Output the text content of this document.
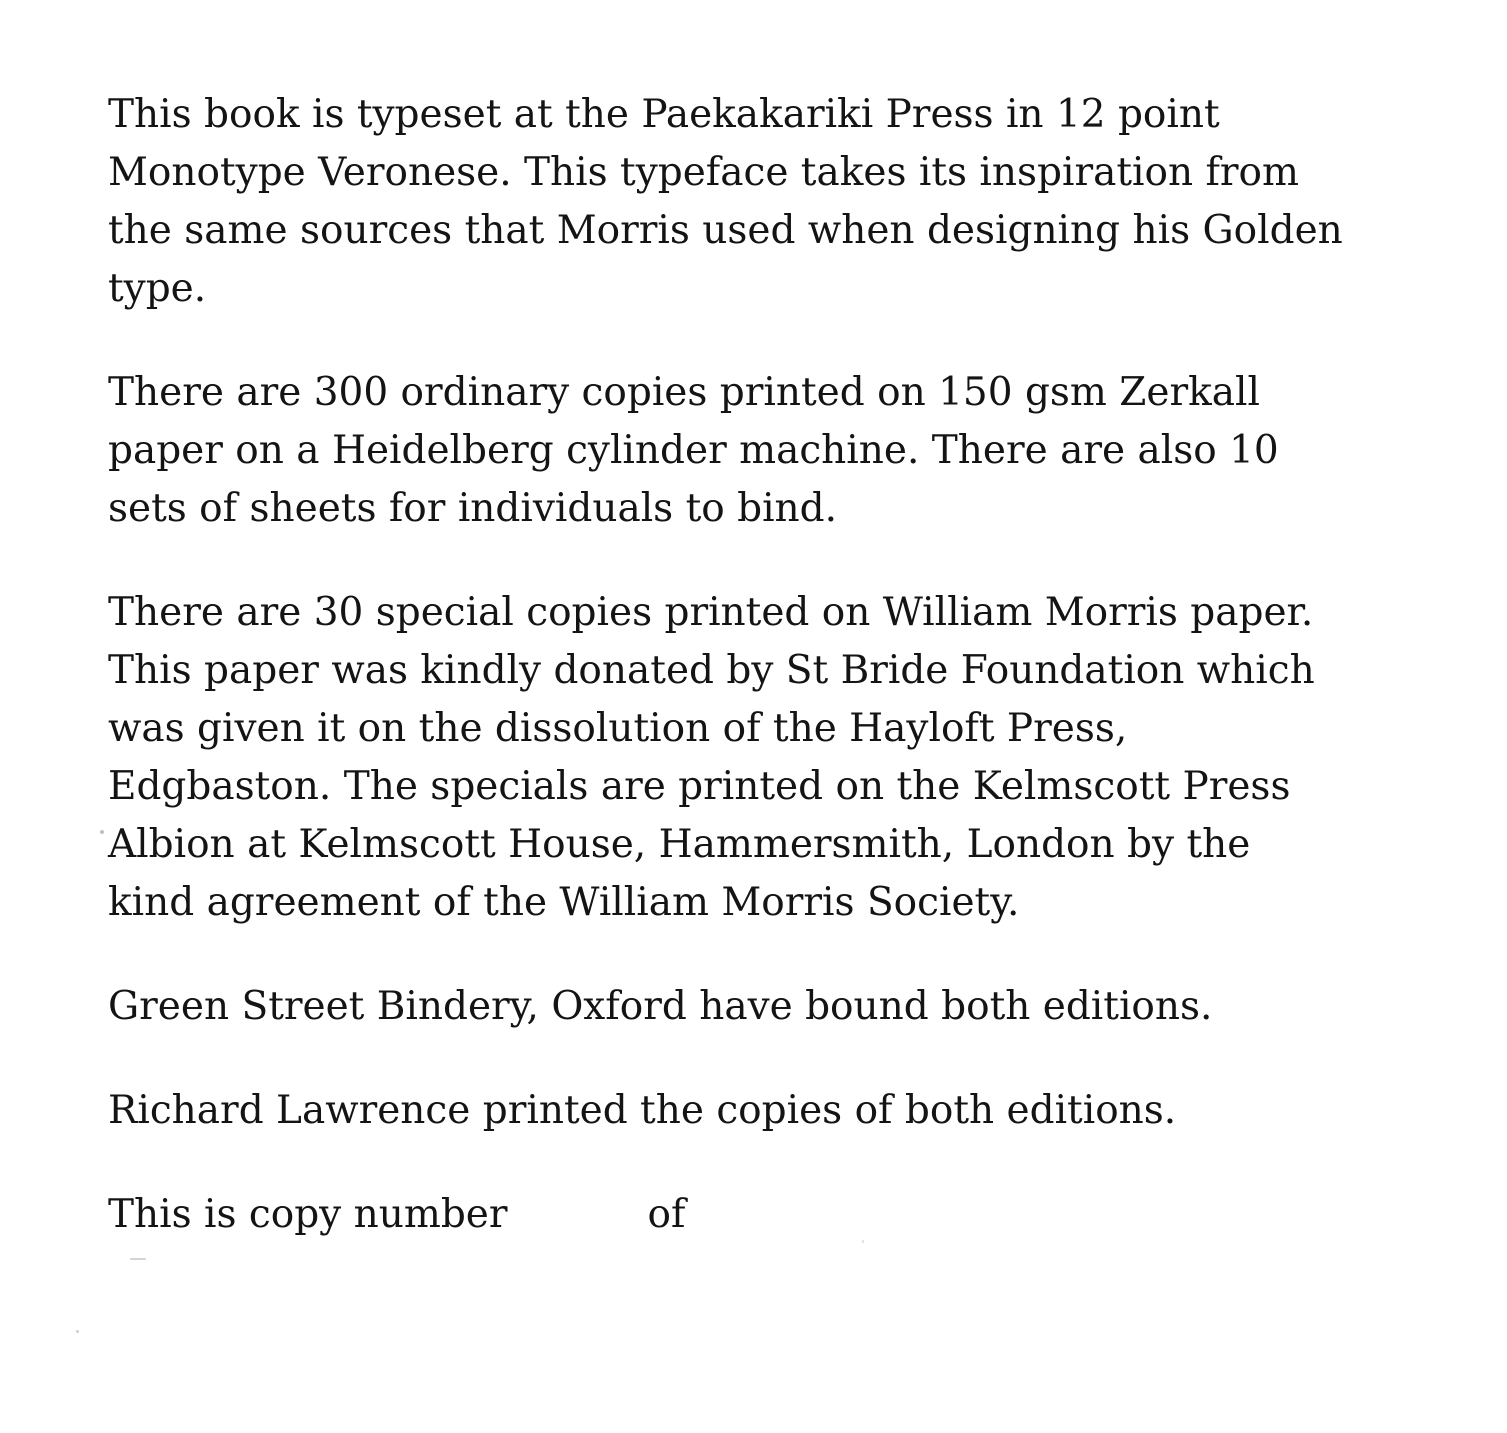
This book is typeset at the Paekakariki Press in 12 point
Monotype Veronese. This typeface takes its inspiration from
the same sources that Morris used when designing his Golden
type.
There are 300 ordinary copies printed on 150 gsm Zerkall
paper on a Heidelberg cylinder machine. There are also 10
sets of sheets for individuals to bind.
There are 30 special copies printed on William Morris paper.
This paper was kindly donated by St Bride Foundation which
was given it on the dissolution of the Hayloft Press,
Edgbaston. The specials are printed on the Kelmscott Press
Albion at Kelmscott House, Hammersmith, London by the
kind agreement of the William Morris Society.
Green Street Bindery, Oxford have bound both editions.
Richard Lawrence printed the copies of both editions.
This is copy number	of
